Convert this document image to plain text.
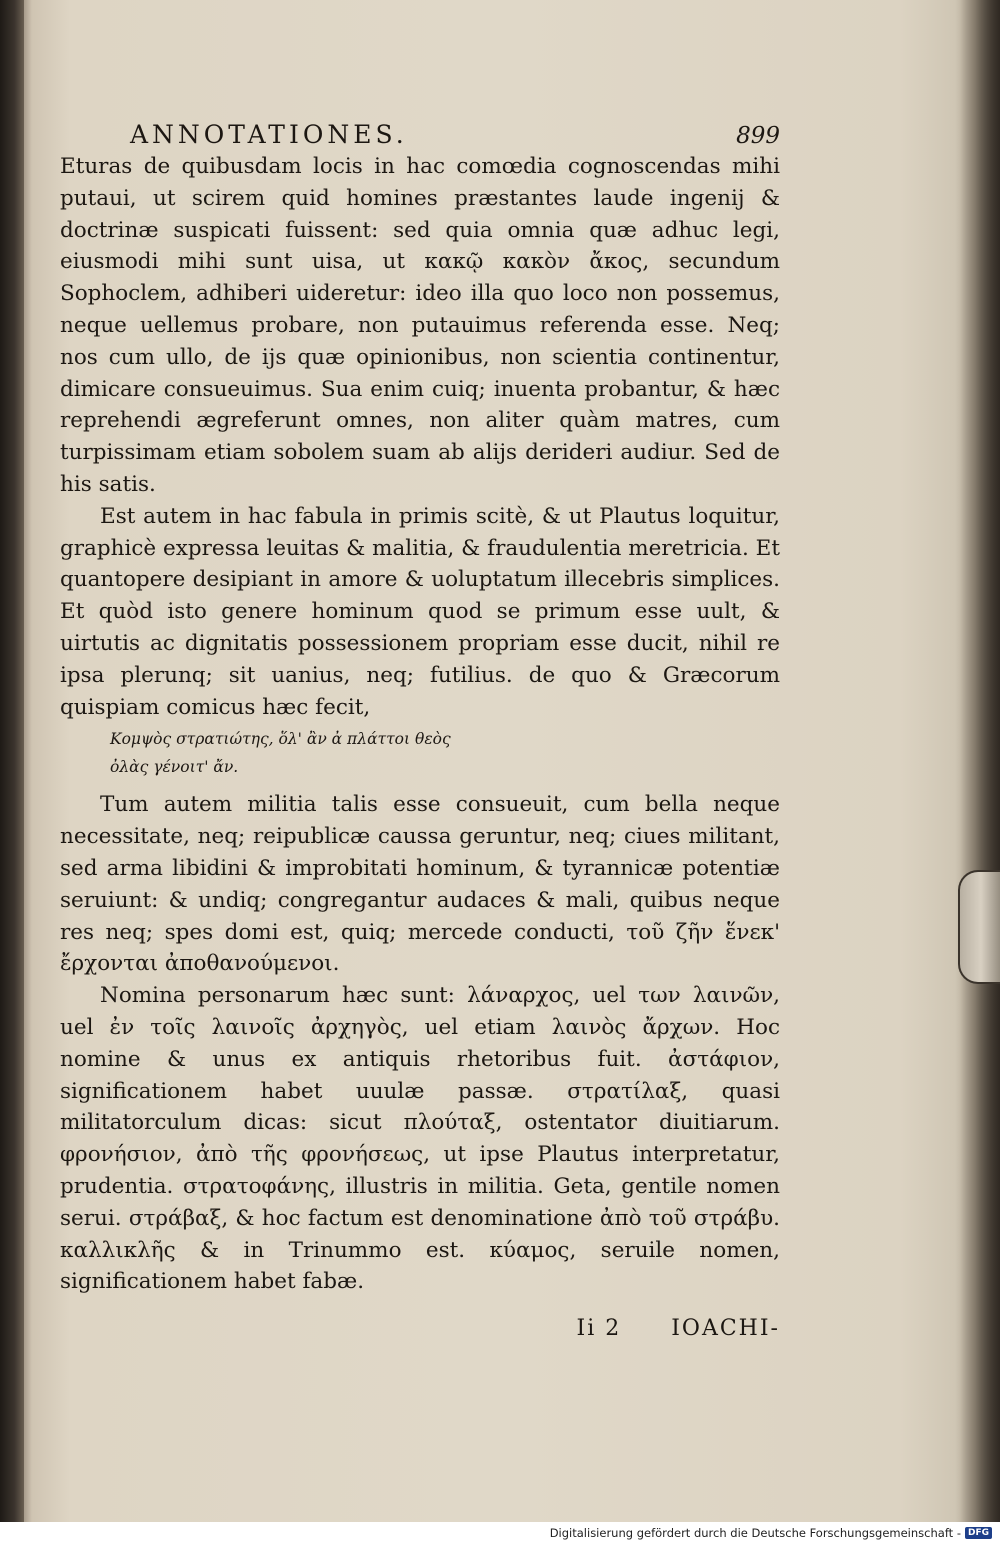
ANNOTATIONES.	899

Eturas de quibusdam locis in hac comœdia cognoscendas mihi putaui, ut scirem quid homines præstantes laude ingenij & doctrinæ suspicati fuissent: sed quia omnia quæ adhuc legi, eiusmodi mihi sunt uisa, ut κακῷ κακὸν ἄκος, secundum Sophoclem, adhiberi uideretur: ideo illa quo loco non possemus, neque uellemus probare, non putauimus referenda esse. Neq; nos cum ullo, de ijs quæ opinionibus, non scientia continentur, dimicare consueuimus. Sua enim cuiq; inuenta probantur, & hæc reprehendi ægreferunt omnes, non aliter quàm matres, cum turpissimam etiam sobolem suam ab alijs derideri audiur. Sed de his satis.

Est autem in hac fabula in primis scitè, & ut Plautus loquitur, graphicè expressa leuitas & malitia, & fraudulentia meretricia. Et quantopere desipiant in amore & uoluptatum illecebris simplices. Et quòd isto genere hominum quod se primum esse uult, & uirtutis ac dignitatis possessionem propriam esse ducit, nihil re ipsa plerunq; sit uanius, neq; futilius. de quo & Græcorum quispiam comicus hæc fecit,

Κομψὸς στρατιώτης, ὅλ' ἂν ἀ πλάττοι θεὸς
ὀλὰς γένοιτ' ἄν.

Tum autem militia talis esse consueuit, cum bella neque necessitate, neq; reipublicæ caussa geruntur, neq; ciues militant, sed arma libidini & improbitati hominum, & tyrannicæ potentiæ seruiunt: & undiq; congregantur audaces & mali, quibus neque res neq; spes domi est, quiq; mercede conducti, τοῦ ζῆν ἕνεκ' ἔρχονται ἀποθανούμενοι.

Nomina personarum hæc sunt: λάναρχος, uel των λαινῶν, uel ἐν τοῖς λαινοῖς ἀρχηγὸς, uel etiam λαινὸς ἄρχων. Hoc nomine & unus ex antiquis rhetoribus fuit. ἀστάφιον, significationem habet uuulæ passæ. στρατίλαξ, quasi militatorculum dicas: sicut πλούταξ, ostentator diuitiarum. φρονήσιον, ἀπὸ τῆς φρονήσεως, ut ipse Plautus interpretatur, prudentia. στρατοφάνης, illustris in militia. Geta, gentile nomen serui. στράβαξ, & hoc factum est denominatione ἀπὸ τοῦ στράβυ. καλλικλῆς & in Trinummo est. κύαμος, seruile nomen, significationem habet fabæ.

Ii 2 IOACHI-
Digitalisierung gefördert durch die Deutsche Forschungsgemeinschaft - DFG
